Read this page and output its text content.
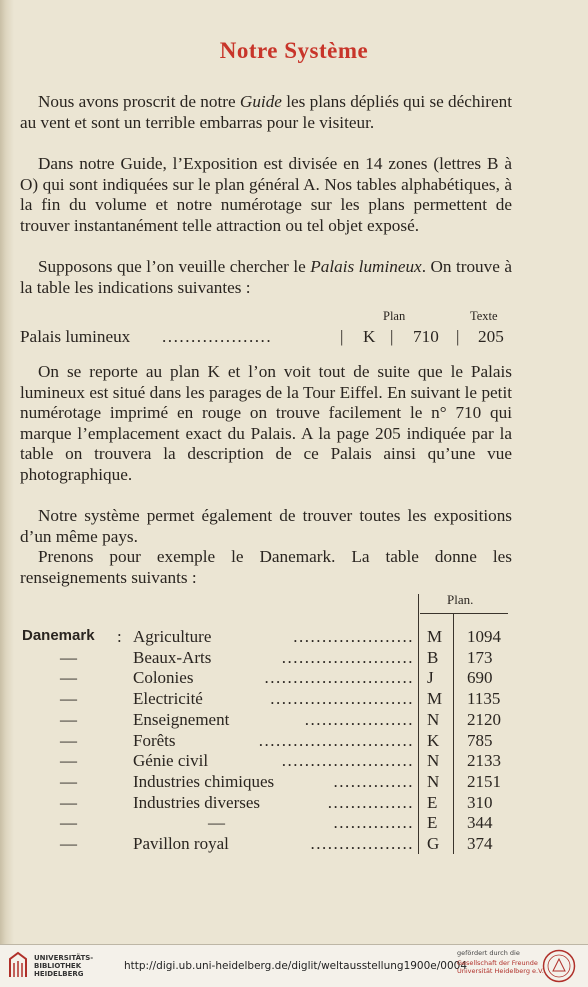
Notre Système
Nous avons proscrit de notre Guide les plans dépliés qui se déchirent au vent et sont un terrible embarras pour le visiteur.
Dans notre Guide, l’Exposition est divisée en 14 zones (lettres B à O) qui sont indiquées sur le plan général A. Nos tables alphabétiques, à la fin du volume et notre numérotage sur les plans permettent de trouver instantanément telle attraction ou tel objet exposé.
Supposons que l’on veuille chercher le Palais lumineux. On trouve à la table les indications suivantes :
Plan	Texte
Palais lumineux ...................	| K | 710 | 205
On se reporte au plan K et l’on voit tout de suite que le Palais lumineux est situé dans les parages de la Tour Eiffel. En suivant le petit numérotage imprimé en rouge on trouve facilement le n° 710 qui marque l’emplacement exact du Palais. A la page 205 indiquée par la table on trouvera la description de ce Palais ainsi qu’une vue photographique.
Notre système permet également de trouver toutes les expositions d’un même pays.
Prenons pour exemple le Danemark. La table donne les renseignements suivants :
Plan.
Danemark : Agriculture	..................... M 1094
—	Beaux-Arts	....................... B 173
—	Colonies	.......................... J 690
—	Electricité	......................... M 1135
—	Enseignement	................... N 2120
—	Forêts	........................... K 785
—	Génie civil	....................... N 2133
—	Industries chimiques	.............. N 2151
—	Industries diverses	............... E 310
—	—	.............. E 344
—	Pavillon royal	.................. G 374
UNIVERSITÄTS-
BIBLIOTHEK
HEIDELBERG
http://digi.ub.uni-heidelberg.de/diglit/weltausstellung1900e/0004
gefördert durch die
Gesellschaft der Freunde
Universität Heidelberg e.V.
